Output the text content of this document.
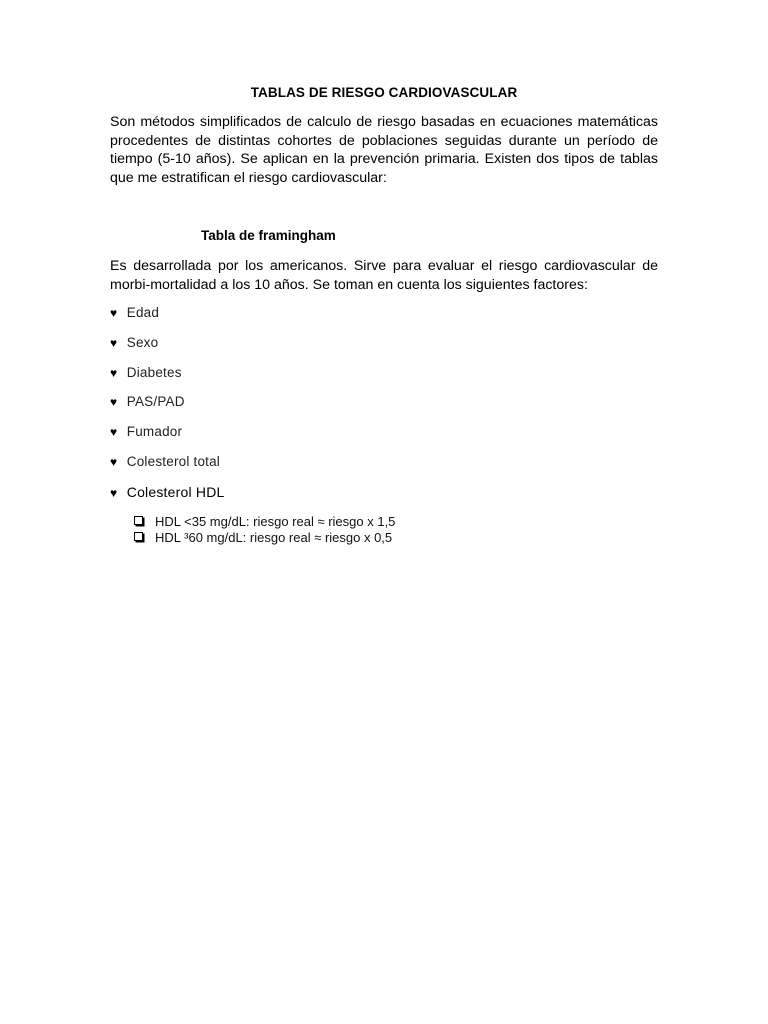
TABLAS DE RIESGO CARDIOVASCULAR
Son métodos simplificados de calculo de riesgo basadas en ecuaciones matemáticas procedentes de distintas cohortes de poblaciones seguidas durante un período de tiempo (5-10 años). Se aplican en la prevención primaria. Existen dos tipos de tablas que me estratifican el riesgo cardiovascular:
Tabla de framingham
Es desarrollada por los americanos. Sirve para evaluar el riesgo cardiovascular de morbi-mortalidad a los 10 años. Se toman en cuenta los siguientes factores:
♥ Edad
♥ Sexo
♥ Diabetes
♥ PAS/PAD
♥ Fumador
♥ Colesterol total
♥ Colesterol HDL
HDL <35 mg/dL: riesgo real ≈ riesgo x 1,5
HDL ³60 mg/dL: riesgo real ≈ riesgo x 0,5
